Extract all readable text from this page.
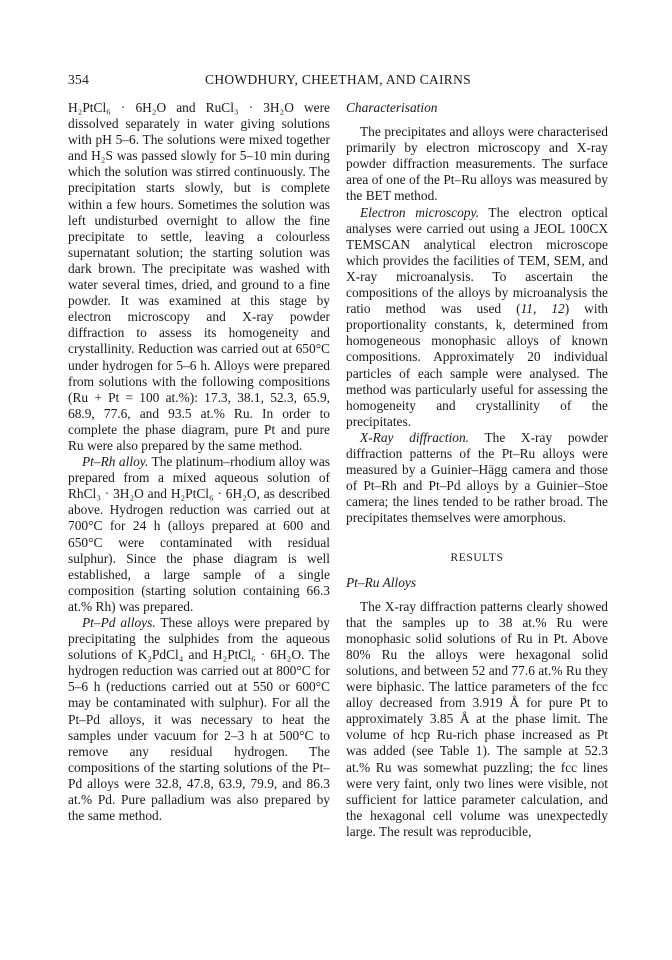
354	CHOWDHURY, CHEETHAM, AND CAIRNS

H₂PtCl₆ · 6H₂O and RuCl₃ · 3H₂O were dissolved separately in water giving solutions with pH 5–6. The solutions were mixed together and H₂S was passed slowly for 5–10 min during which the solution was stirred continuously. The precipitation starts slowly, but is complete within a few hours. Sometimes the solution was left undisturbed overnight to allow the fine precipitate to settle, leaving a colourless supernatant solution; the starting solution was dark brown. The precipitate was washed with water several times, dried, and ground to a fine powder. It was examined at this stage by electron microscopy and X-ray powder diffraction to assess its homogeneity and crystallinity. Reduction was carried out at 650°C under hydrogen for 5–6 h. Alloys were prepared from solutions with the following compositions (Ru + Pt = 100 at.%): 17.3, 38.1, 52.3, 65.9, 68.9, 77.6, and 93.5 at.% Ru. In order to complete the phase diagram, pure Pt and pure Ru were also prepared by the same method.

Pt–Rh alloy. The platinum–rhodium alloy was prepared from a mixed aqueous solution of RhCl₃ · 3H₂O and H₂PtCl₆ · 6H₂O, as described above. Hydrogen reduction was carried out at 700°C for 24 h (alloys prepared at 600 and 650°C were contaminated with residual sulphur). Since the phase diagram is well established, a large sample of a single composition (starting solution containing 66.3 at.% Rh) was prepared.

Pt–Pd alloys. These alloys were prepared by precipitating the sulphides from the aqueous solutions of K₂PdCl₄ and H₂PtCl₆ · 6H₂O. The hydrogen reduction was carried out at 800°C for 5–6 h (reductions carried out at 550 or 600°C may be contaminated with sulphur). For all the Pt–Pd alloys, it was necessary to heat the samples under vacuum for 2–3 h at 500°C to remove any residual hydrogen. The compositions of the starting solutions of the Pt–Pd alloys were 32.8, 47.8, 63.9, 79.9, and 86.3 at.% Pd. Pure palladium was also prepared by the same method.

Characterisation

The precipitates and alloys were characterised primarily by electron microscopy and X-ray powder diffraction measurements. The surface area of one of the Pt–Ru alloys was measured by the BET method.

Electron microscopy. The electron optical analyses were carried out using a JEOL 100CX TEMSCAN analytical electron microscope which provides the facilities of TEM, SEM, and X-ray microanalysis. To ascertain the compositions of the alloys by microanalysis the ratio method was used (11, 12) with proportionality constants, k, determined from homogeneous monophasic alloys of known compositions. Approximately 20 individual particles of each sample were analysed. The method was particularly useful for assessing the homogeneity and crystallinity of the precipitates.

X-Ray diffraction. The X-ray powder diffraction patterns of the Pt–Ru alloys were measured by a Guinier–Hägg camera and those of Pt–Rh and Pt–Pd alloys by a Guinier–Stoe camera; the lines tended to be rather broad. The precipitates themselves were amorphous.

RESULTS
Pt–Ru Alloys

The X-ray diffraction patterns clearly showed that the samples up to 38 at.% Ru were monophasic solid solutions of Ru in Pt. Above 80% Ru the alloys were hexagonal solid solutions, and between 52 and 77.6 at.% Ru they were biphasic. The lattice parameters of the fcc alloy decreased from 3.919 Å for pure Pt to approximately 3.85 Å at the phase limit. The volume of hcp Ru-rich phase increased as Pt was added (see Table 1). The sample at 52.3 at.% Ru was somewhat puzzling; the fcc lines were very faint, only two lines were visible, not sufficient for lattice parameter calculation, and the hexagonal cell volume was unexpectedly large. The result was reproducible,
